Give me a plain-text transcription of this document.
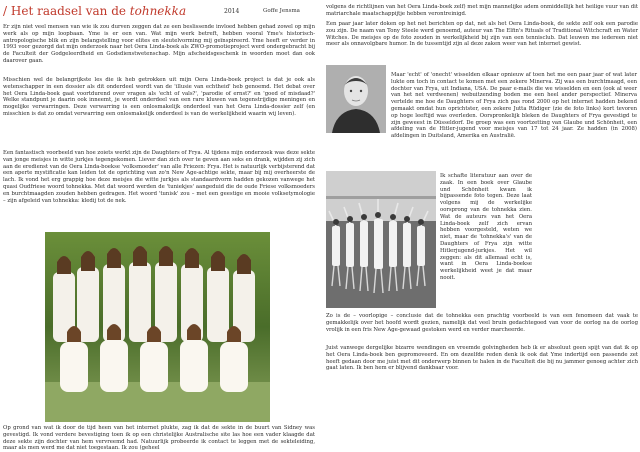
/ Het raadsel van de tohnekka	2014	Goffe Jensma

Er zijn niet veel mensen van wie ik zou durven zeggen dat ze een beslissende invloed hebben gehad zowel op mijn werk als op mijn loopbaan. Yme is er een van. Wat mijn werk betreft, hebben vooral Yme's historisch-antropologische blik en zijn belangstelling voor elites en sleutelvorming mij geïnspireerd. Yme heeft er verder in 1993 voor gezorgd dat mijn onderzoek naar het Oera Linda-boek als ZWO-promotieproject werd ondergebracht bij de Faculteit der Godgeleerdheid en Godsdienstwetenschap. Mijn afscheidsgeschenk in woorden moet dan ook daarover gaan.

Misschien wel de belangrijkste les die ik heb getrokken uit mijn Oera Linda-boek project is dat je ook als wetenschapper in een dossier als dit onderdeel wordt van de 'illusie van echtheid' heb genoemd. Het debat over het Oera Linda-boek gaat voortdurend over vragen als 'echt of vals?', 'parodie of ernst?' en 'goed of misdaad?' Welke standpunt je daarin ook inneemt, je wordt onderdeel van een rare kluwen van tegenstrijdige meningen en mogelijke verwarringen. Deze verwarring is een onlosmakelijk onderdeel van het Oera Linda-dossier zelf (en misschien is dat zo omdat verwarring een onlosmakelijk onderdeel is van de werkelijkheid waarin wij leven).

Een fantastisch voorbeeld van hoe zoiets werkt zijn de Daughters of Frya. Al tijdens mijn onderzoek was deze sekte van jonge meisjes in witte jurkjes tegengekomen. Liever dan zich over te geven aan seks en drank, wijdden zij zich aan de eredienst van de Oera Linda-boekse 'volksmoeder' van alle Friezen: Frya. Het is natuurlijk verbijsterend dat een aperte mystificatie kan leiden tot de oprichting van zo'n New Age-achtige sekte, maar bij mij overheerste de lach. Ik vond het erg grappig hoe deze meisjes die witte jurkjes als standaardvorm hadden gekozen vanwege het quasi Oudfriese woord tohnekka. Met dat woord werden de 'tuniekjes' aangeduid die de oude Friese volksmoeders en burchtmaagden zouden hebben gedragen. Het woord 'tunisk' zou – met een geestige en mooie volksetymologie – zijn afgeleid van tohnekka: kledij tot de nek.

Op grond van wat ik door de tijd heen van het internet plukte, zag ik dat de sekte in de buurt van Sidney was gevestigd. Ik vond verdere bevestiging toen ik op een christelijke Australische site las hoe een vader klaagde dat deze sekte zijn dochter van hem vervreemd had. Natuurlijk probeerde ik contact te leggen met de sekteleiding, maar als men werd me dat niet toegestaan. Ik zou (geheel

volgens de richtlijnen van het Oera Linda-boek zelf) met mijn mannelijke adem onmiddellijk het heilige vuur van dit matriarchale maatschappijtje hebben verontreinigd.

Een paar jaar later doken op het net berichten op dat, net als het Oera Linda-boek, de sekte zelf ook een parodie zou zijn. De naam van Tony Steele werd genoemd, auteur van The Elfin's Rituals of Traditional Witchcraft en Water Witches. De meisjes op de foto zouden in werkelijkheid bij zijn van een tennisclub. Dat leuwen me iedereen niet meer als onnavolgbare humor. In de tussentijd zijn al deze zaken weer van het internet gewist.

Maar 'echt' of 'onecht' wisselden elkaar opnieuw af toen het me een paar jaar of wat later lukte om toch in contact te komen met een zekere Minerva. Zij was een burchtmaagd, een dochter van Frya, uit Indiana, USA. De paar e-mails die we wisselden en een (ook al weer van het net verdwenen) webuitzending boden me een heel ander perspectief. Minerva vertelde me hoe de Daughters of Frya zich pas rond 2000 op het internet hadden bekend gemaakt omdat hun oprichtster, een zekere Jutta Rüdiger (zie de foto links) kort tevoren op hoge leeftijd was overleden. Oorspronkelijk bleken de Daughters of Frya gevestigd te zijn geweest in Düsseldorf. De groep was een voortzetting van Glaube und Schönheit, een afdeling van de Hitler-jugend voor meisjes van 17 tot 24 jaar. Ze hadden (in 2008) afdelingen in Duitsland, Amerika en Australië.

Ik schafte literatuur aan over de zaak. In een boek over Glaube und Schönheit kwam ik bijpassende foto tegen. Deze laat volgens mij de werkelijke oorsprong van de tohnekka zien. Wat de auteurs van het Oera Linda-boek zelf zich ervan hebben voorgesteld, weten we niet, maar de 'tohnekka's' van de Daughters of Frya zijn witte Hitlerjugend-jurkjes. Het wil zeggen: als dit allemaal echt is, want in Oera Linda-boekse werkelijkheid weet je dat maar nooit.

Zo is de – voorlopige – conclusie dat de tohnekka een prachtig voorbeeld is van een fenomeen dat vaak te gemakkelijk over het hoofd wordt gezien, namelijk dat veel bruin gedachtegoed van voor de oorlog na de oorlog vrolijk in een fris New Age-gewaad gestoken werd en verder marcheerde.

Juist vanwege dergelijke bizarre wendingen en vreemde golvingheden heb ik er absoluut geen spijt van dat ik op het Oera Linda-boek ben gepromoveerd. En om dezelfde reden denk ik ook dat Yme indertijd een passende zet heeft gedaan door me juist met dit onderwerp binnen te halen in de Faculteit die bij nu jammer genoeg achter zich gaat laten. Ik ben hem er blijvend dankbaar voor.
